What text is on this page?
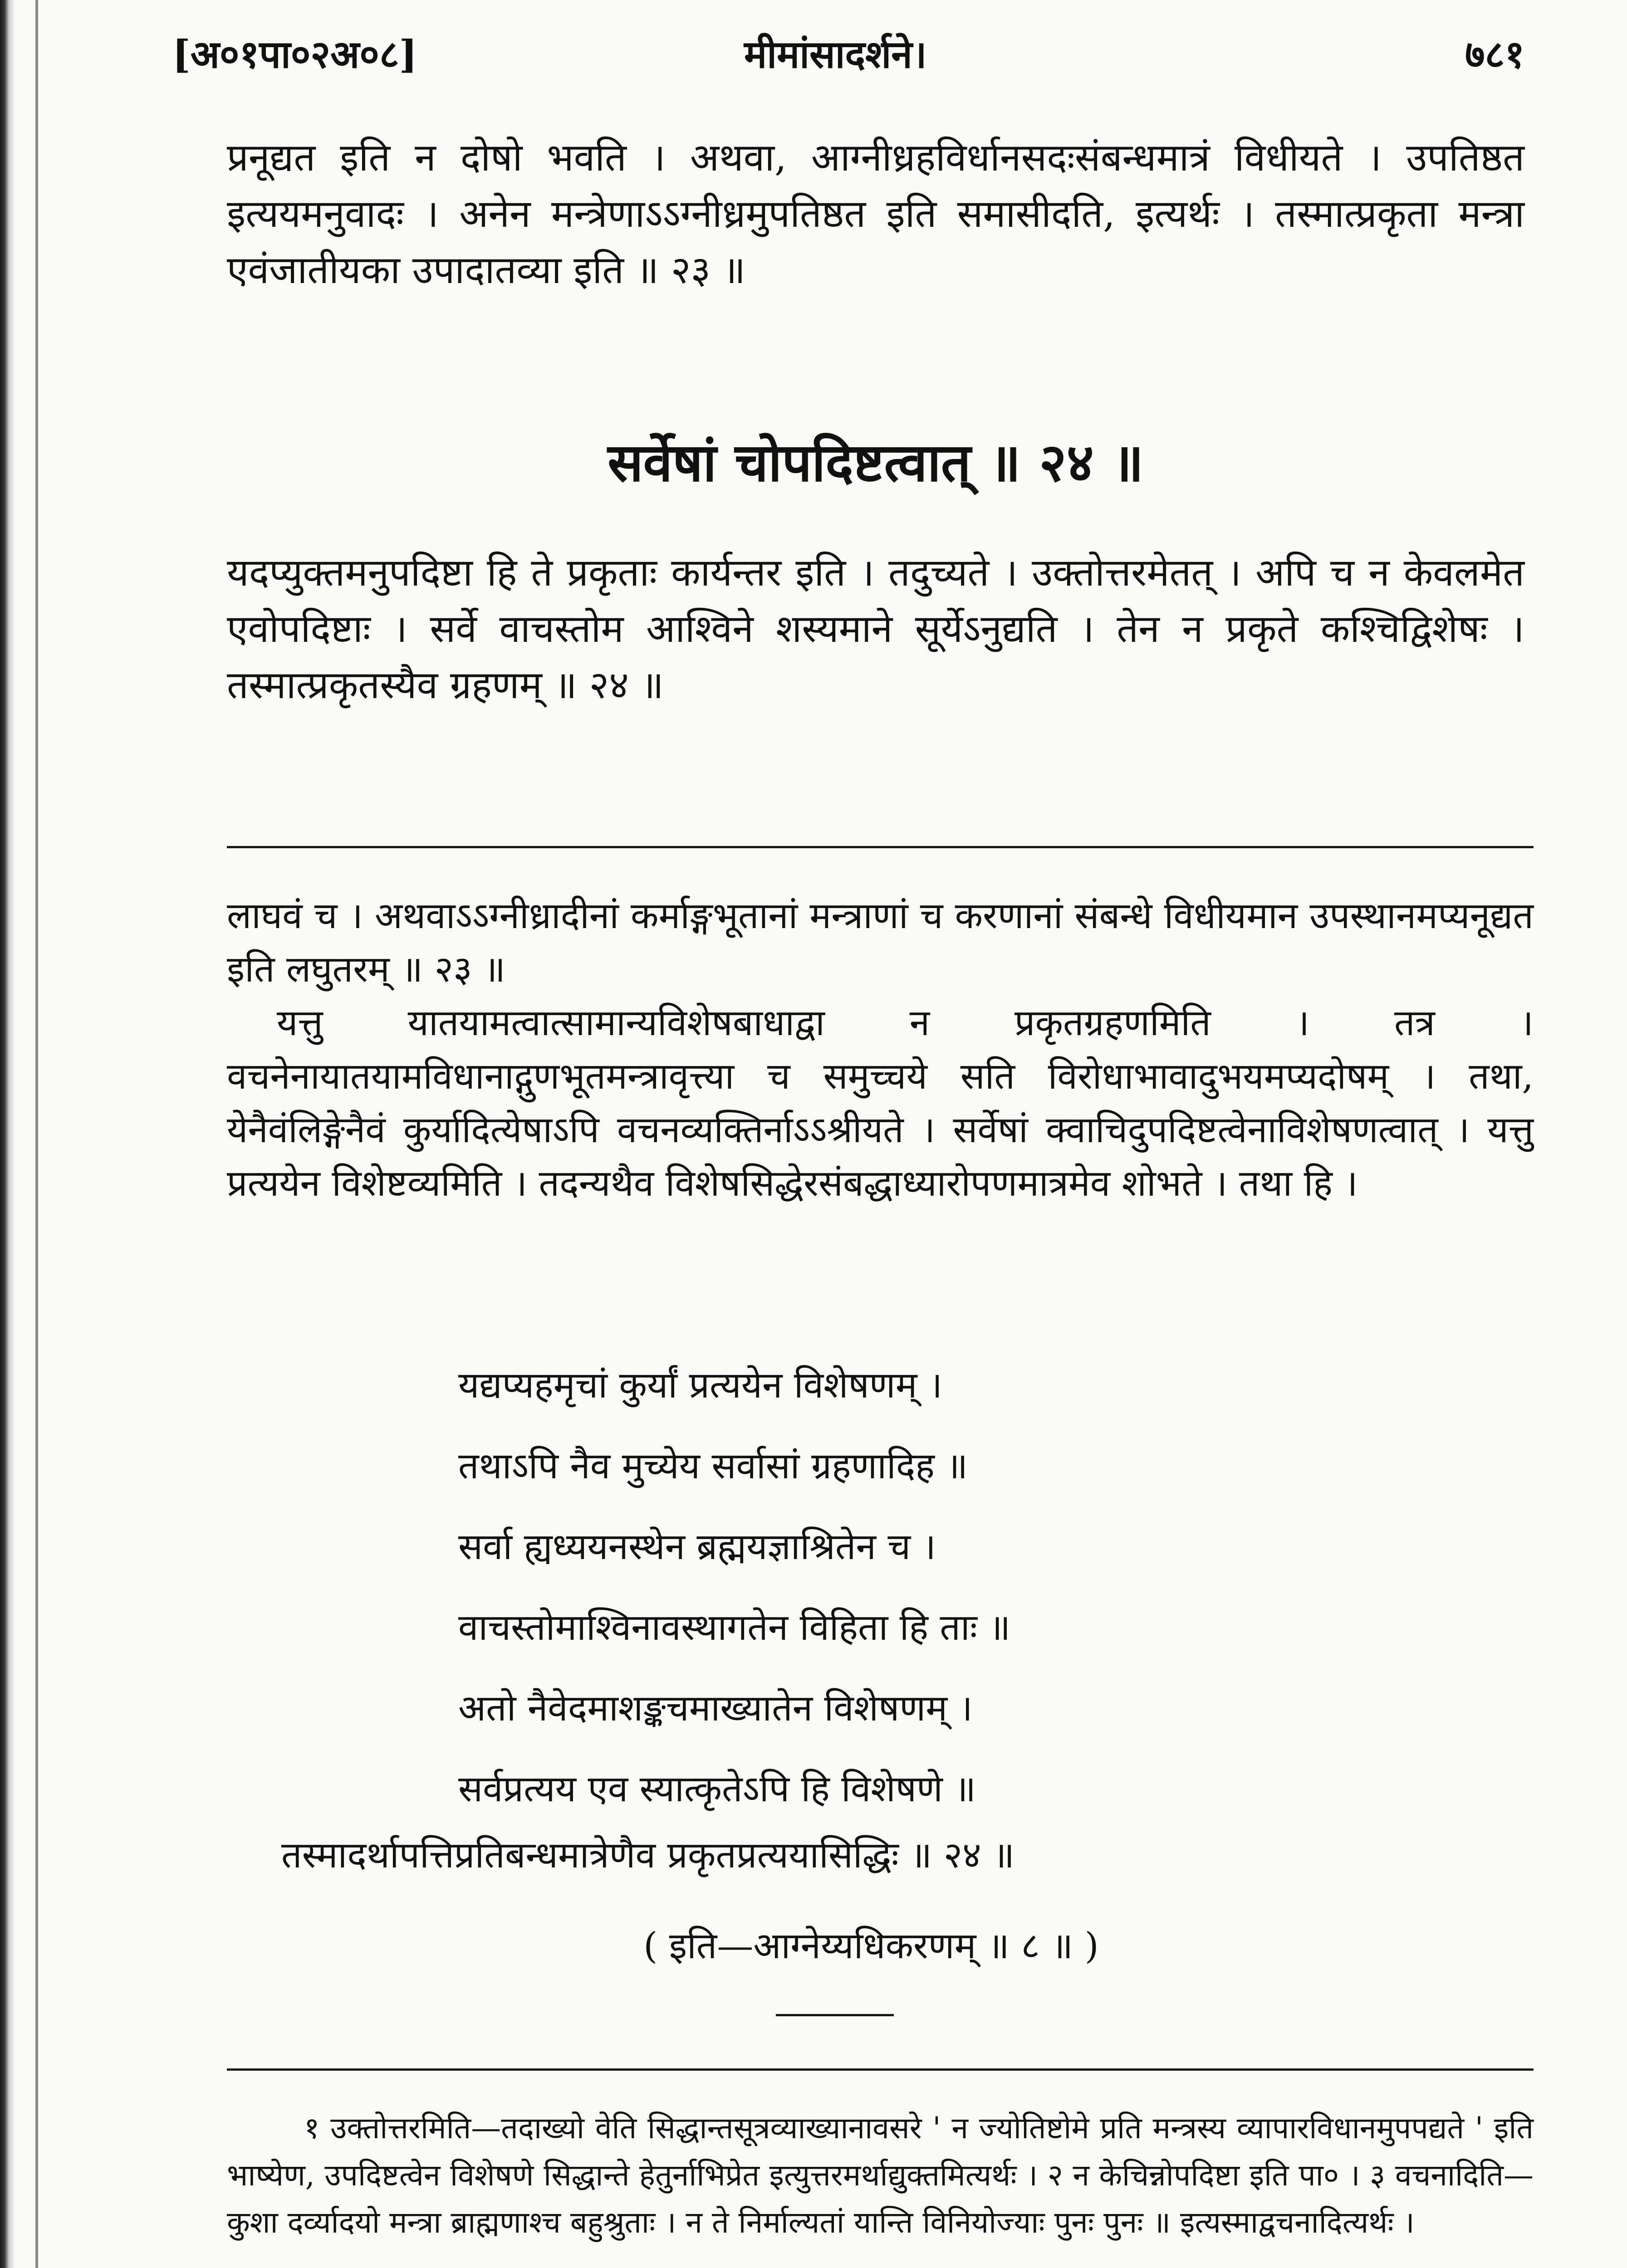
[अ०१पा०२अ०८]	मीमांसादर्शने।	७८१

प्रनूद्यत इति न दोषो भवति । अथवा, आग्नीध्रहविर्धानसदःसंबन्धमात्रं विधीयते । उपतिष्ठत इत्ययमनुवादः । अनेन मन्त्रेणाऽऽग्नीध्रमुपतिष्ठत इति समासीदति, इत्यर्थः । तस्मात्प्रकृता मन्त्रा एवंजातीयका उपादातव्या इति ॥ २३ ॥

सर्वेषां चोपदिष्टत्वात् ॥ २४ ॥

यदप्युक्तमनुपदिष्टा हि ते प्रकृताः कार्यन्तर इति । तदुच्यते । उक्तोत्तरमेतत् । अपि च न केवलमेत एवोपदिष्टाः । सर्वे वाचस्तोम आश्विने शस्यमाने सूर्येऽनुद्यति । तेन न प्रकृते कश्चिद्विशेषः । तस्मात्प्रकृतस्यैव ग्रहणम् ॥ २४ ॥

लाघवं च । अथवाऽऽग्नीध्रादीनां कर्माङ्गभूतानां मन्त्राणां च करणानां संबन्धे विधीयमान उपस्थानमप्यनूद्यत इति लघुतरम् ॥ २३ ॥

यत्तु यातयामत्वात्सामान्यविशेषबाधाद्वा न प्रकृतग्रहणमिति । तत्र । वचनेनायातयामविधानाद्गुणभूतमन्त्रावृत्त्या च समुच्चये सति विरोधाभावादुभयमप्यदोषम् । तथा, येनैवंलिङ्गेनैवं कुर्यादित्येषाऽपि वचनव्यक्तिर्नाऽऽश्रीयते । सर्वेषां क्वाचिदुपदिष्टत्वेनाविशेषणत्वात् । यत्तु प्रत्ययेन विशेष्टव्यमिति । तदन्यथैव विशेषसिद्धेरसंबद्धाध्यारोपणमात्रमेव शोभते । तथा हि ।

यद्यप्यहमृचां कुर्यां प्रत्ययेन विशेषणम् ।
तथाऽपि नैव मुच्येय सर्वासां ग्रहणादिह ॥
सर्वा ह्यध्ययनस्थेन ब्रह्मयज्ञाश्रितेन च ।
वाचस्तोमाश्विनावस्थागतेन विहिता हि ताः ॥
अतो नैवेदमाशङ्कचमाख्यातेन विशेषणम् ।
सर्वप्रत्यय एव स्यात्कृतेऽपि हि विशेषणे ॥
तस्मादर्थापत्तिप्रतिबन्धमात्रेणैव प्रकृतप्रत्ययासिद्धिः ॥ २४ ॥
( इति—आग्नेय्यधिकरणम् ॥ ८ ॥ )

१ उक्तोत्तरमिति—तदाख्यो वेति सिद्धान्तसूत्रव्याख्यानावसरे ' न ज्योतिष्टोमे प्रति मन्त्रस्य व्यापारविधानमुपपद्यते ' इति भाष्येण, उपदिष्टत्वेन विशेषणे सिद्धान्ते हेतुर्नाभिप्रेत इत्युत्तरमर्थाद्युक्तमित्यर्थः । २ न केचिन्नोपदिष्टा इति पा० । ३ वचनादिति—कुशा दर्व्यादयो मन्त्रा ब्राह्मणाश्च बहुश्रुताः । न ते निर्माल्यतां यान्ति विनियोज्याः पुनः पुनः ॥ इत्यस्माद्वचनादित्यर्थः ।
